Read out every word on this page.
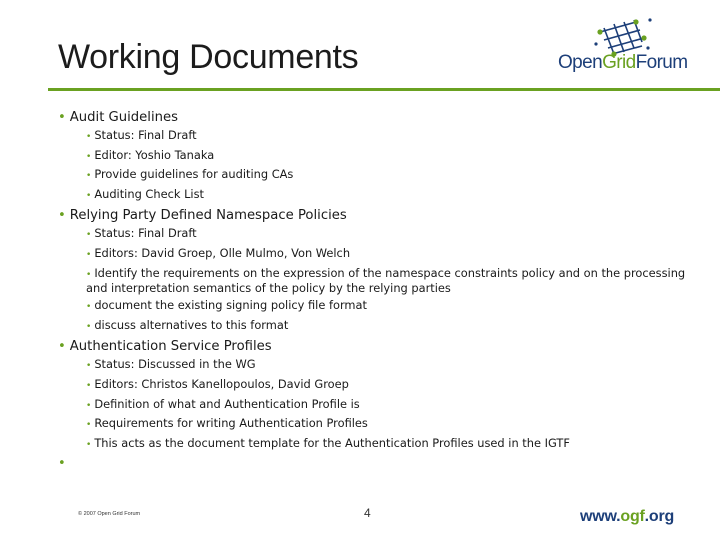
Working Documents	OpenGridForum

• Audit Guidelines

• Status: Final Draft
• Editor: Yoshio Tanaka
• Provide guidelines for auditing CAs
• Auditing Check List

• Relying Party Defined Namespace Policies

• Status: Final Draft
• Editors: David Groep, Olle Mulmo, Von Welch
• Identify the requirements on the expression of the namespace constraints policy and on the processing and interpretation semantics of the policy by the relying parties
• document the existing signing policy file format
• discuss alternatives to this format

• Authentication Service Profiles

• Status: Discussed in the WG
• Editors: Christos Kanellopoulos, David Groep
• Definition of what and Authentication Profile is
• Requirements for writing Authentication Profiles
• This acts as the document template for the Authentication Profiles used in the IGTF
•
© 2007 Open Grid Forum	4	www.ogf.org
